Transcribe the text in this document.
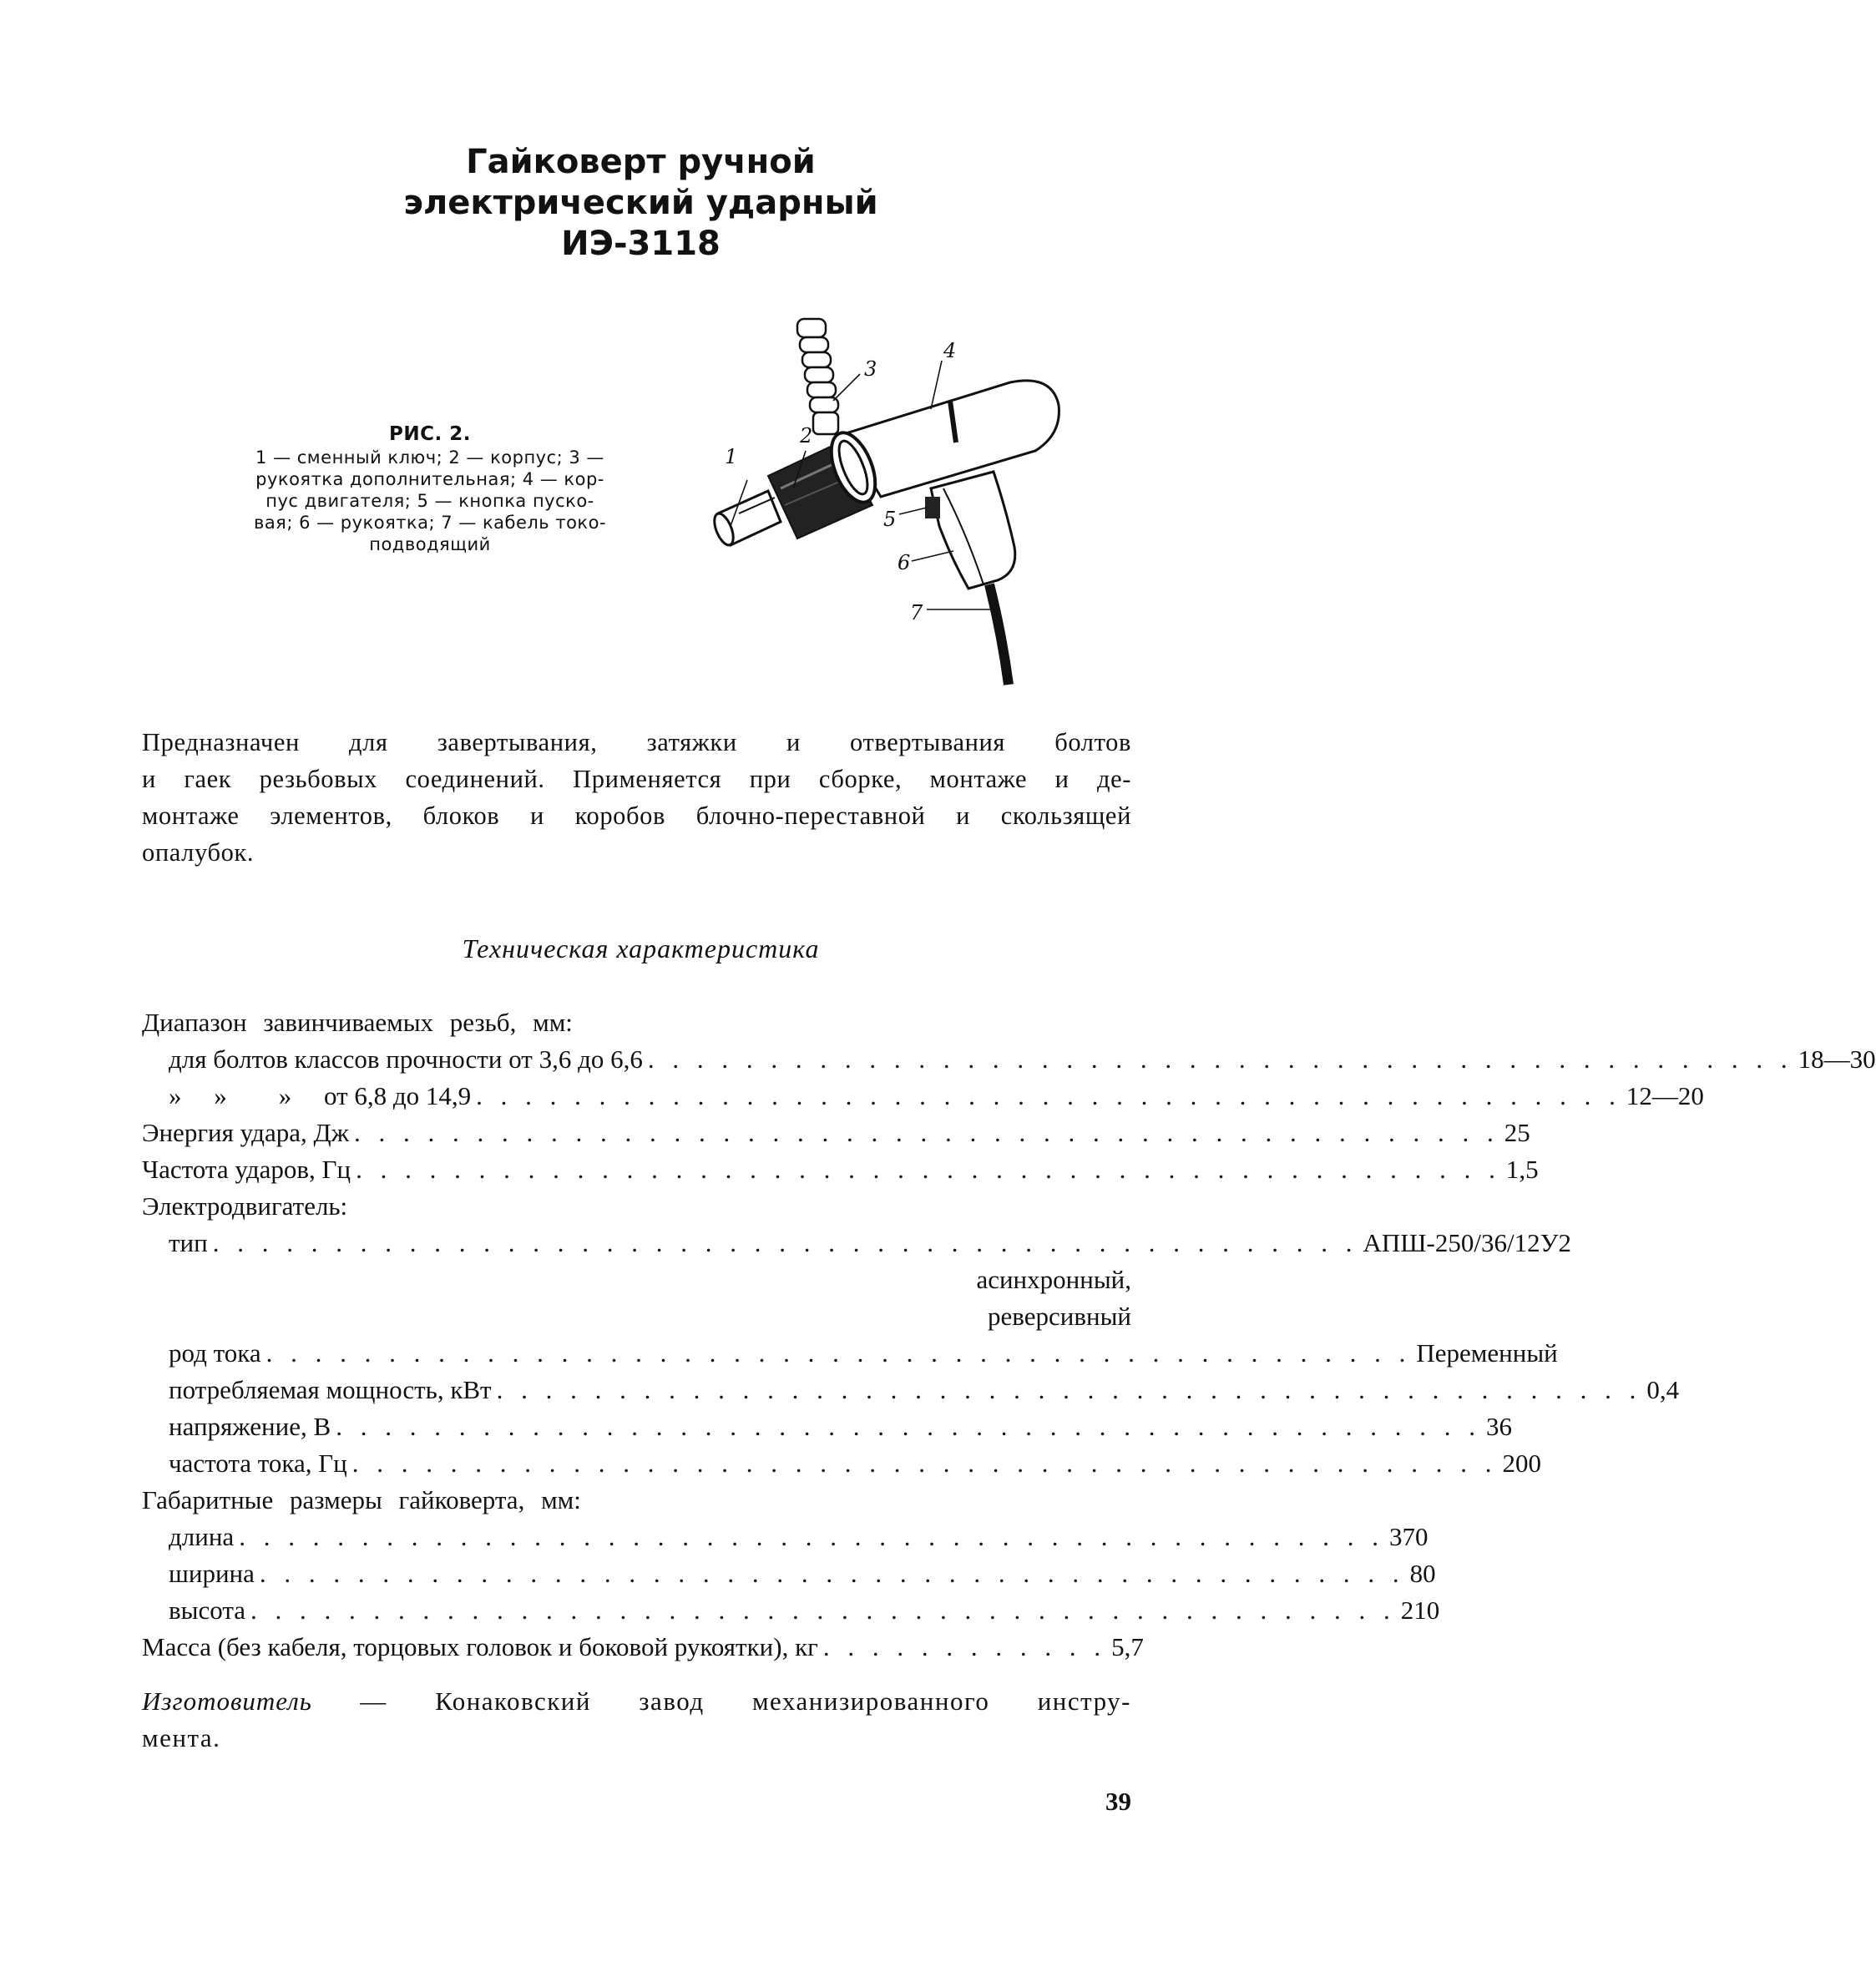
Гайковерт ручной
электрический ударный
ИЭ-3118
РИС. 2.
1 — сменный ключ; 2 — корпус; 3 —
рукоятка дополнительная; 4 — кор-
пус двигателя; 5 — кнопка пуско-
вая; 6 — рукоятка; 7 — кабель токо-
подводящий
1
2
3
4
5
6
7
Предназначен для завертывания, затяжки и отвертывания болтов
и гаек резьбовых соединений. Применяется при сборке, монтаже и де-
монтаже элементов, блоков и коробов блочно-переставной и скользящей
опалубок.
Техническая характеристика
Диапазон завинчиваемых резьб, мм:
для болтов классов прочности от 3,6 до 6,6 . . . . . . . . . . . . . . . . . . . . . . . . . . . . . . . . . . . . . . . . . . . . . . . 18—30
»     »        »     от 6,8 до 14,9 . . . . . . . . . . . . . . . . . . . . . . . . . . . . . . . . . . . . . . . . . . . . . . . 12—20
Энергия удара, Дж . . . . . . . . . . . . . . . . . . . . . . . . . . . . . . . . . . . . . . . . . . . . . . . 25
Частота ударов, Гц . . . . . . . . . . . . . . . . . . . . . . . . . . . . . . . . . . . . . . . . . . . . . . . 1,5
Электродвигатель:
тип . . . . . . . . . . . . . . . . . . . . . . . . . . . . . . . . . . . . . . . . . . . . . . . АПШ-250/36/12У2
асинхронный,
реверсивный
род тока . . . . . . . . . . . . . . . . . . . . . . . . . . . . . . . . . . . . . . . . . . . . . . . Переменный
потребляемая мощность, кВт . . . . . . . . . . . . . . . . . . . . . . . . . . . . . . . . . . . . . . . . . . . . . . . 0,4
напряжение, В . . . . . . . . . . . . . . . . . . . . . . . . . . . . . . . . . . . . . . . . . . . . . . . 36
частота тока, Гц . . . . . . . . . . . . . . . . . . . . . . . . . . . . . . . . . . . . . . . . . . . . . . . 200
Габаритные размеры гайковерта, мм:
длина . . . . . . . . . . . . . . . . . . . . . . . . . . . . . . . . . . . . . . . . . . . . . . . 370
ширина . . . . . . . . . . . . . . . . . . . . . . . . . . . . . . . . . . . . . . . . . . . . . . . 80
высота . . . . . . . . . . . . . . . . . . . . . . . . . . . . . . . . . . . . . . . . . . . . . . . 210
Масса (без кабеля, торцовых головок и боковой рукоятки), кг . . . . . . . . . . . . 5,7
Изготовитель — Конаковский завод механизированного инстру-
мента.
39
